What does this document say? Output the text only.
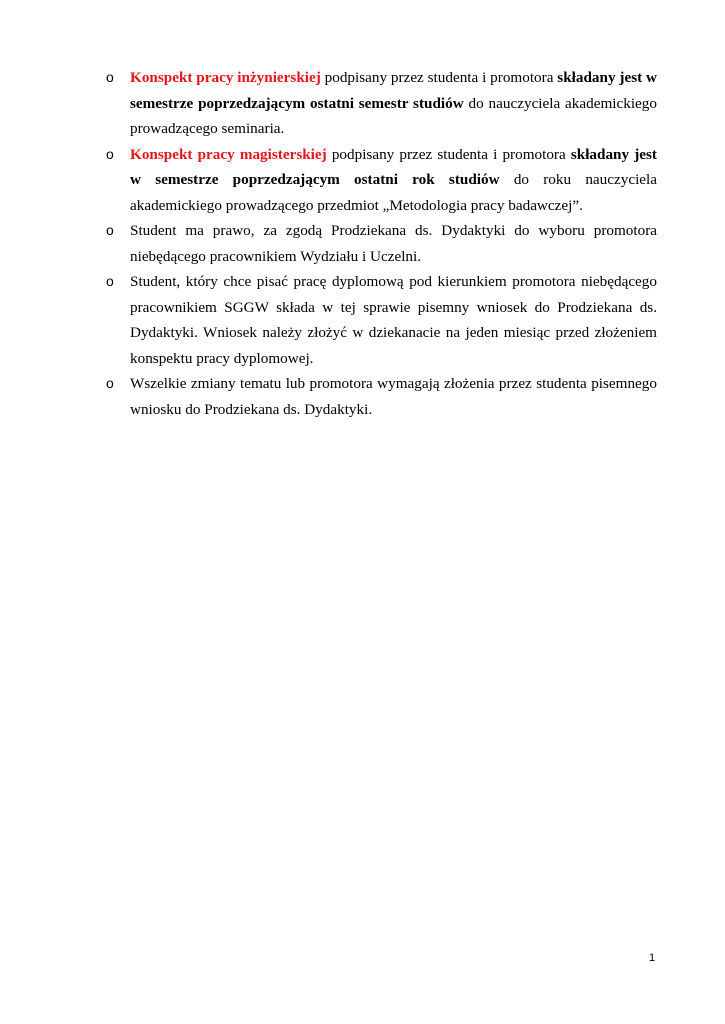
o	Konspekt pracy inżynierskiej podpisany przez studenta i promotora składany jest w semestrze poprzedzającym ostatni semestr studiów do nauczyciela akademickiego prowadzącego seminaria.
o	Konspekt pracy magisterskiej podpisany przez studenta i promotora składany jest w semestrze poprzedzającym ostatni rok studiów do roku nauczyciela akademickiego prowadzącego przedmiot „Metodologia pracy badawczej”.
o	Student ma prawo, za zgodą Prodziekana ds. Dydaktyki do wyboru promotora niebędącego pracownikiem Wydziału i Uczelni.
o	Student, który chce pisać pracę dyplomową pod kierunkiem promotora niebędącego pracownikiem SGGW składa w tej sprawie pisemny wniosek do Prodziekana ds. Dydaktyki. Wniosek należy złożyć w dziekanacie na jeden miesiąc przed złożeniem konspektu pracy dyplomowej.
o	Wszelkie zmiany tematu lub promotora wymagają złożenia przez studenta pisemnego wniosku do Prodziekana ds. Dydaktyki.
1
